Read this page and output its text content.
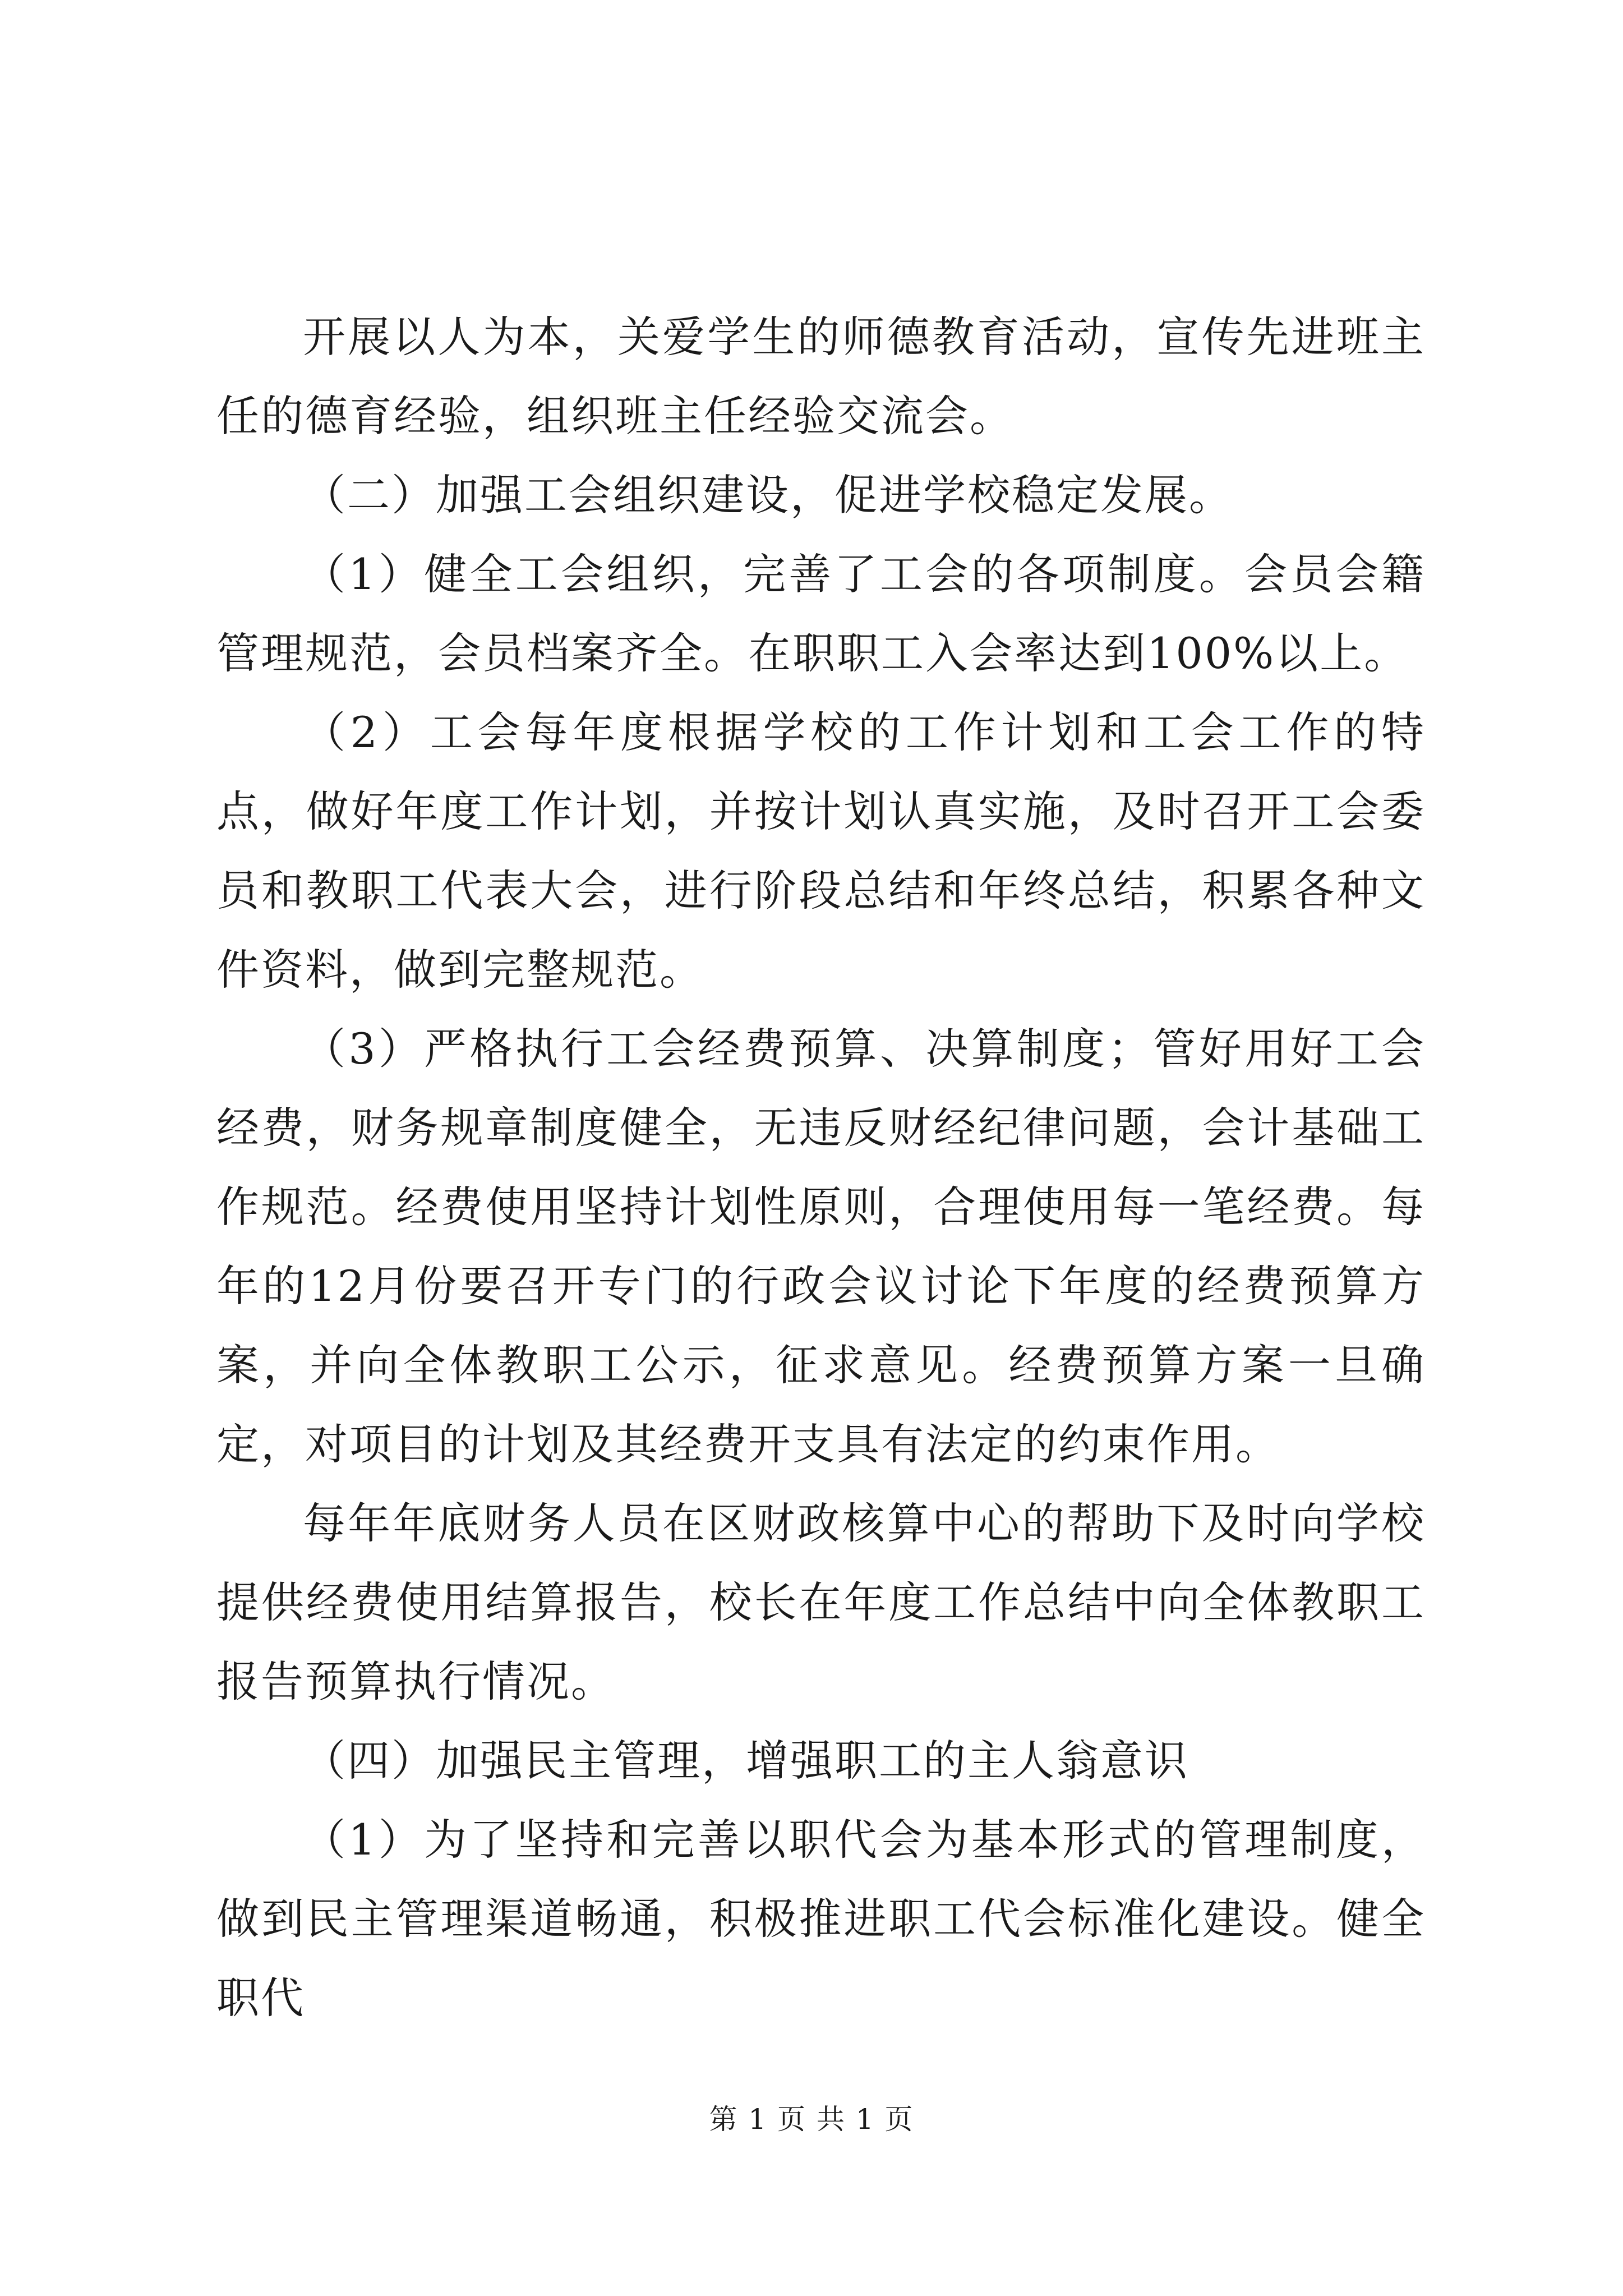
开展以人为本，关爱学生的师德教育活动，宣传先进班主任的德育经验，组织班主任经验交流会。

（二）加强工会组织建设，促进学校稳定发展。

（1）健全工会组织，完善了工会的各项制度。会员会籍管理规范，会员档案齐全。在职职工入会率达到100%以上。

（2）工会每年度根据学校的工作计划和工会工作的特点，做好年度工作计划，并按计划认真实施，及时召开工会委员和教职工代表大会，进行阶段总结和年终总结，积累各种文件资料，做到完整规范。

（3）严格执行工会经费预算、决算制度；管好用好工会经费，财务规章制度健全，无违反财经纪律问题，会计基础工作规范。经费使用坚持计划性原则，合理使用每一笔经费。每年的12月份要召开专门的行政会议讨论下年度的经费预算方案，并向全体教职工公示，征求意见。经费预算方案一旦确定，对项目的计划及其经费开支具有法定的约束作用。

每年年底财务人员在区财政核算中心的帮助下及时向学校提供经费使用结算报告，校长在年度工作总结中向全体教职工报告预算执行情况。

（四）加强民主管理，增强职工的主人翁意识

（1）为了坚持和完善以职代会为基本形式的管理制度，做到民主管理渠道畅通，积极推进职工代会标准化建设。健全职代

第 1 页 共 1 页
